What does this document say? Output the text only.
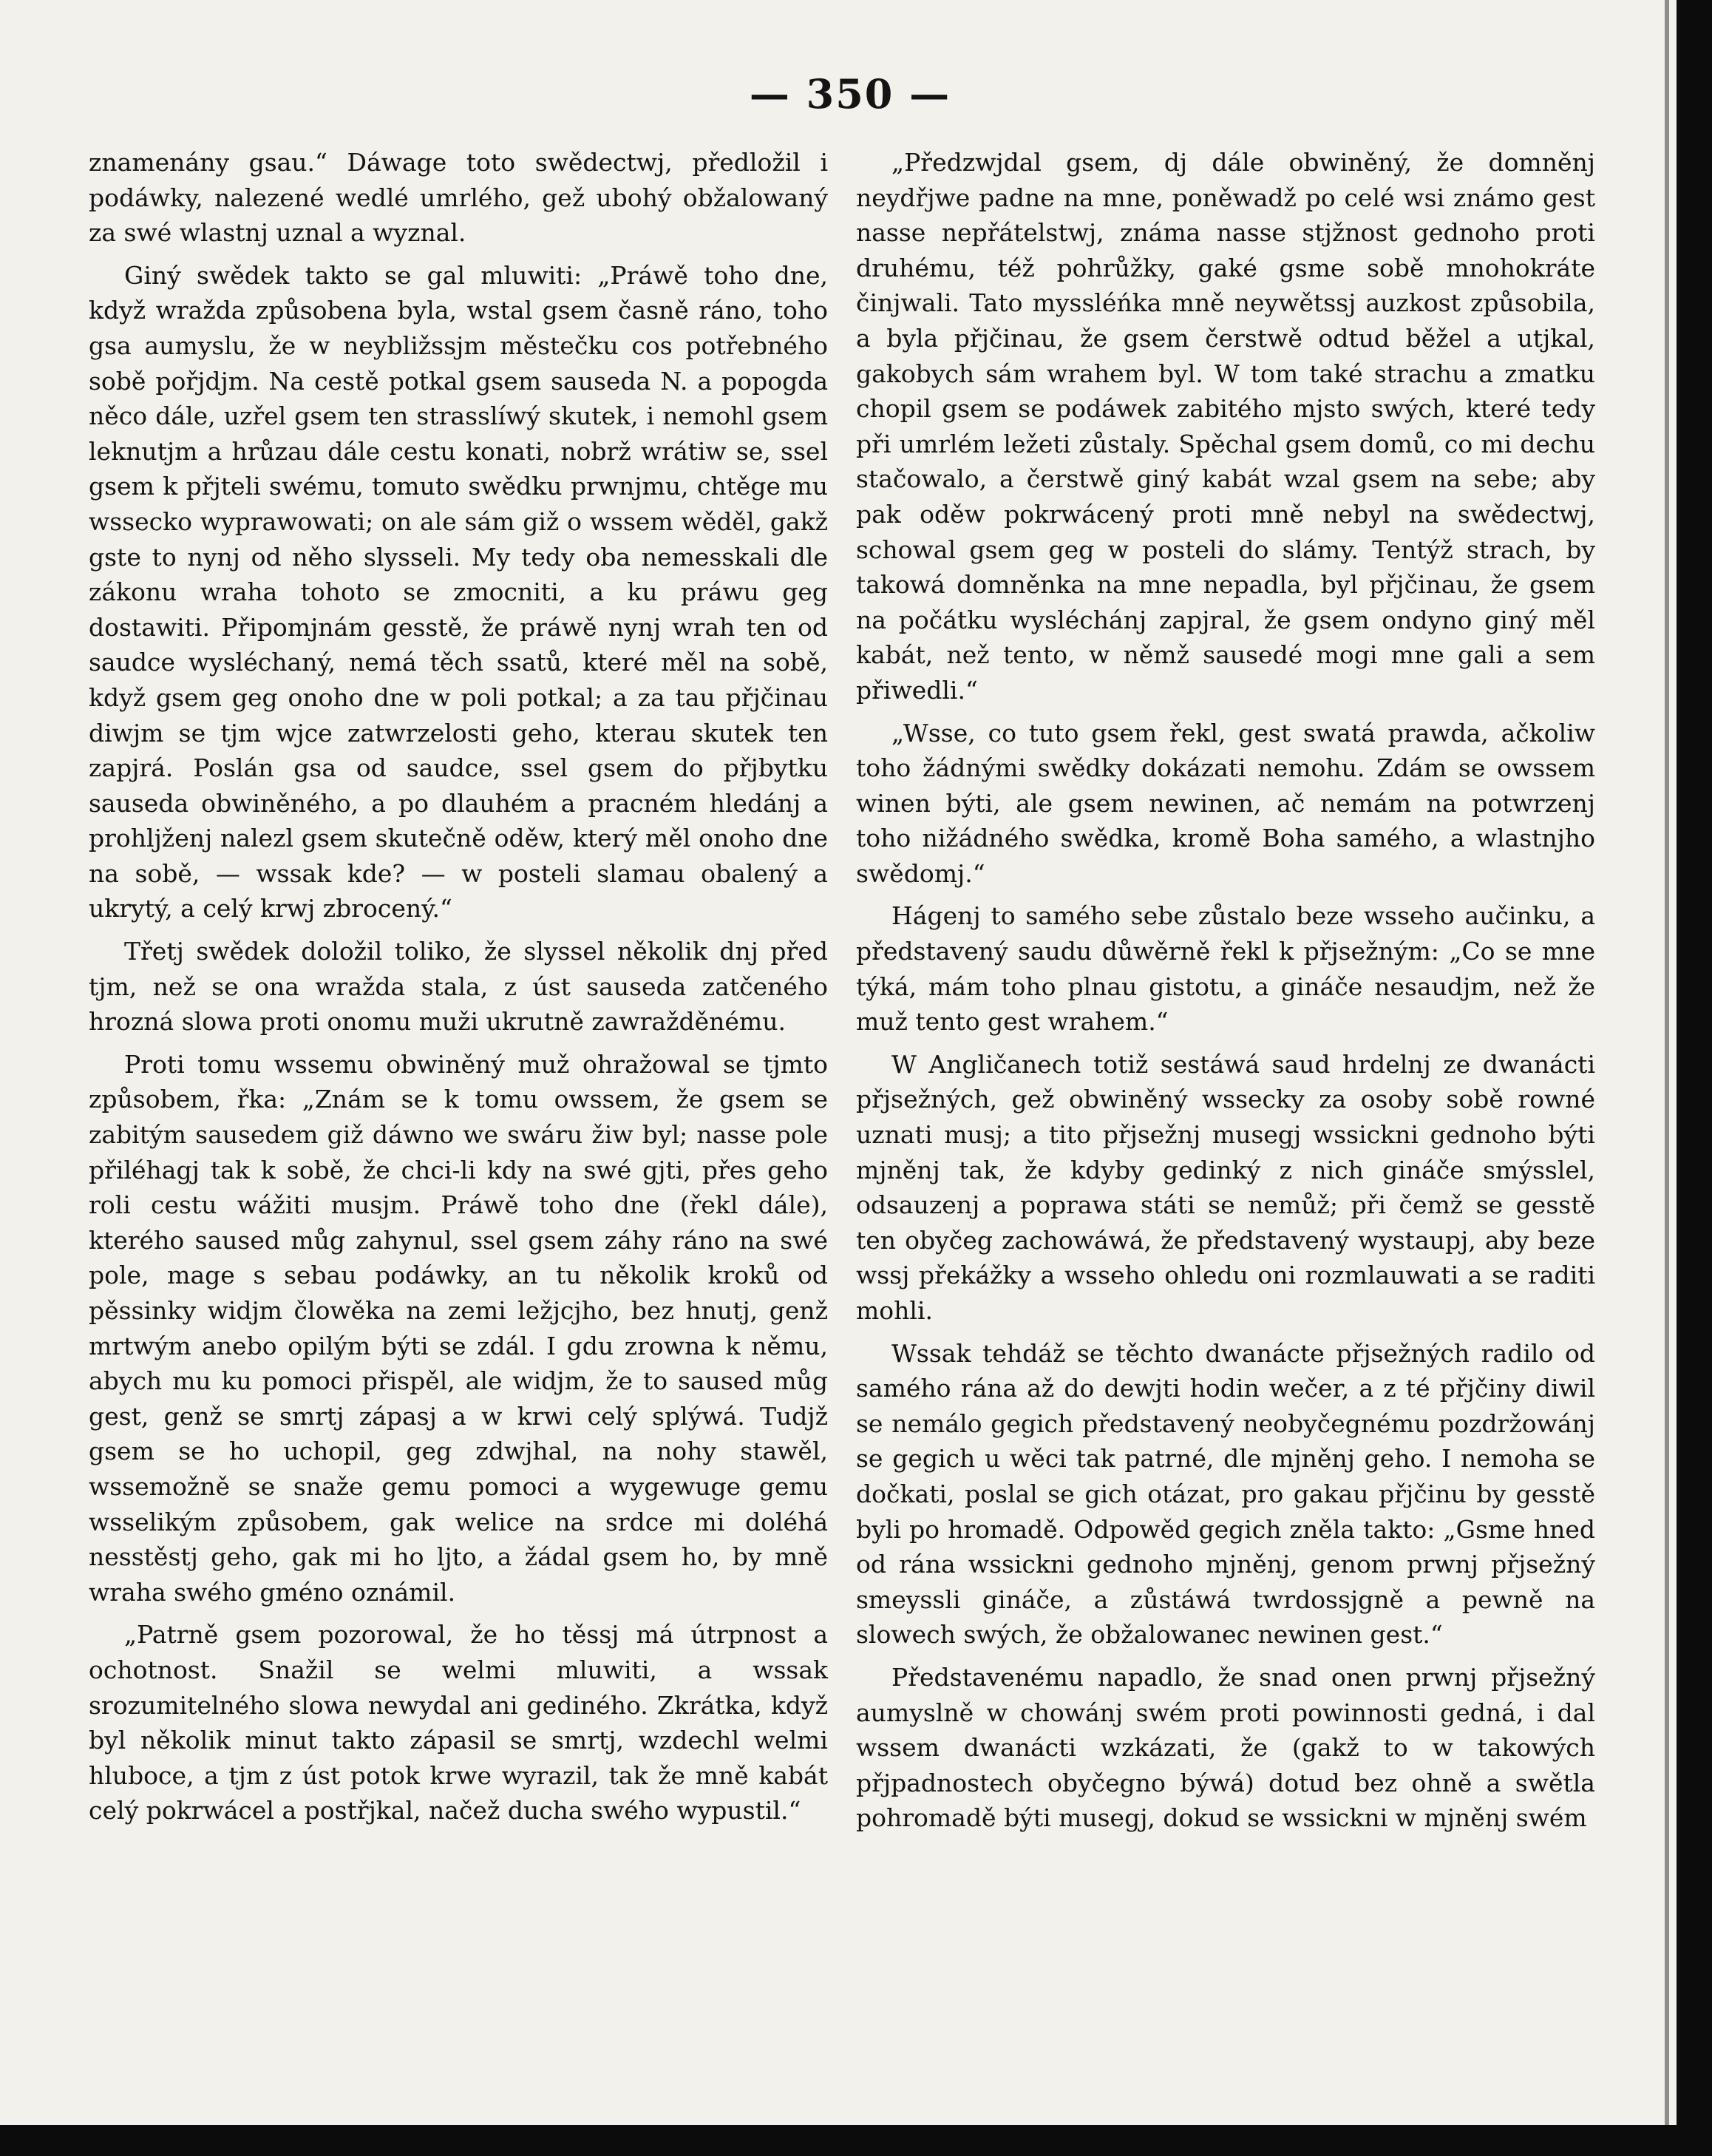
— 350 —

znamenány gsau.“ Dáwage toto swědectwj, předložil i podáwky, nalezené wedlé umrlého, gež ubohý obžalowaný za swé wlastnj uznal a wyznal.

Giný swědek takto se gal mluwiti: „Práwě toho dne, když wražda způsobena byla, wstal gsem časně ráno, toho gsa aumyslu, že w neybližssjm městečku cos potřebného sobě pořjdjm. Na cestě potkal gsem sauseda N. a popogda něco dále, uzřel gsem ten strasslíwý skutek, i nemohl gsem leknutjm a hrůzau dále cestu konati, nobrž wrátiw se, ssel gsem k přjteli swému, tomuto swědku prwnjmu, chtěge mu wssecko wyprawowati; on ale sám giž o wssem wěděl, gakž gste to nynj od něho slysseli. My tedy oba nemesskali dle zákonu wraha tohoto se zmocniti, a ku práwu geg dostawiti. Připomjnám gesstě, že práwě nynj wrah ten od saudce wysléchaný, nemá těch ssatů, které měl na sobě, když gsem geg onoho dne w poli potkal; a za tau přjčinau diwjm se tjm wjce zatwrzelosti geho, kterau skutek ten zapjrá. Poslán gsa od saudce, ssel gsem do přjbytku sauseda obwiněného, a po dlauhém a pracném hledánj a prohljženj nalezl gsem skutečně oděw, který měl onoho dne na sobě, — wssak kde? — w posteli slamau obalený a ukrytý, a celý krwj zbrocený.“

Třetj swědek doložil toliko, že slyssel několik dnj před tjm, než se ona wražda stala, z úst sauseda zatčeného hrozná slowa proti onomu muži ukrutně zawražděnému.

Proti tomu wssemu obwiněný muž ohražowal se tjmto způsobem, řka: „Znám se k tomu owssem, že gsem se zabitým sausedem giž dáwno we swáru žiw byl; nasse pole přiléhagj tak k sobě, že chci-li kdy na swé gjti, přes geho roli cestu wážiti musjm. Práwě toho dne (řekl dále), kterého saused můg zahynul, ssel gsem záhy ráno na swé pole, mage s sebau podáwky, an tu několik kroků od pěssinky widjm člowěka na zemi ležjcjho, bez hnutj, genž mrtwým anebo opilým býti se zdál. I gdu zrowna k němu, abych mu ku pomoci přispěl, ale widjm, že to saused můg gest, genž se smrtj zápasj a w krwi celý splýwá. Tudjž gsem se ho uchopil, geg zdwjhal, na nohy stawěl, wssemožně se snaže gemu pomoci a wygewuge gemu wsselikým způsobem, gak welice na srdce mi doléhá nesstěstj geho, gak mi ho ljto, a žádal gsem ho, by mně wraha swého gméno oznámil.

„Patrně gsem pozorowal, že ho těssj má útrpnost a ochotnost. Snažil se welmi mluwiti, a wssak srozumitelného slowa newydal ani gediného. Zkrátka, když byl několik minut takto zápasil se smrtj, wzdechl welmi hluboce, a tjm z úst potok krwe wyrazil, tak že mně kabát celý pokrwácel a postřjkal, načež ducha swého wypustil.“

„Předzwjdal gsem, dj dále obwiněný, že domněnj neydřjwe padne na mne, poněwadž po celé wsi známo gest nasse nepřátelstwj, známa nasse stjžnost gednoho proti druhému, též pohrůžky, gaké gsme sobě mnohokráte činjwali. Tato myssléńka mně neywětssj auzkost způsobila, a byla přjčinau, že gsem čerstwě odtud běžel a utjkal, gakobych sám wrahem byl. W tom také strachu a zmatku chopil gsem se podáwek zabitého mjsto swých, které tedy při umrlém ležeti zůstaly. Spěchal gsem domů, co mi dechu stačowalo, a čerstwě giný kabát wzal gsem na sebe; aby pak oděw pokrwácený proti mně nebyl na swědectwj, schowal gsem geg w posteli do slámy. Tentýž strach, by takowá domněnka na mne nepadla, byl přjčinau, že gsem na počátku wysléchánj zapjral, že gsem ondyno giný měl kabát, než tento, w němž sausedé mogi mne gali a sem přiwedli.“

„Wsse, co tuto gsem řekl, gest swatá prawda, ačkoliw toho žádnými swědky dokázati nemohu. Zdám se owssem winen býti, ale gsem newinen, ač nemám na potwrzenj toho nižádného swědka, kromě Boha samého, a wlastnjho swědomj.“

Hágenj to samého sebe zůstalo beze wsseho aučinku, a představený saudu důwěrně řekl k přjsežným: „Co se mne týká, mám toho plnau gistotu, a gináče nesaudjm, než že muž tento gest wrahem.“

W Angličanech totiž sestáwá saud hrdelnj ze dwanácti přjsežných, gež obwiněný wssecky za osoby sobě rowné uznati musj; a tito přjsežnj musegj wssickni gednoho býti mjněnj tak, že kdyby gedinký z nich gináče smýsslel, odsauzenj a poprawa státi se nemůž; při čemž se gesstě ten obyčeg zachowáwá, že představený wystaupj, aby beze wssj překážky a wsseho ohledu oni rozmlauwati a se raditi mohli.

Wssak tehdáž se těchto dwanácte přjsežných radilo od samého rána až do dewjti hodin wečer, a z té přjčiny diwil se nemálo gegich představený neobyčegnému pozdržowánj se gegich u wěci tak patrné, dle mjněnj geho. I nemoha se dočkati, poslal se gich otázat, pro gakau přjčinu by gesstě byli po hromadě. Odpowěd gegich zněla takto: „Gsme hned od rána wssickni gednoho mjněnj, genom prwnj přjsežný smeyssli gináče, a zůstáwá twrdossjgně a pewně na slowech swých, že obžalowanec newinen gest.“

Představenému napadlo, že snad onen prwnj přjsežný aumyslně w chowánj swém proti powinnosti gedná, i dal wssem dwanácti wzkázati, že (gakž to w takowých přjpadnostech obyčegno býwá) dotud bez ohně a swětla pohromadě býti musegj, dokud se wssickni w mjněnj swém
